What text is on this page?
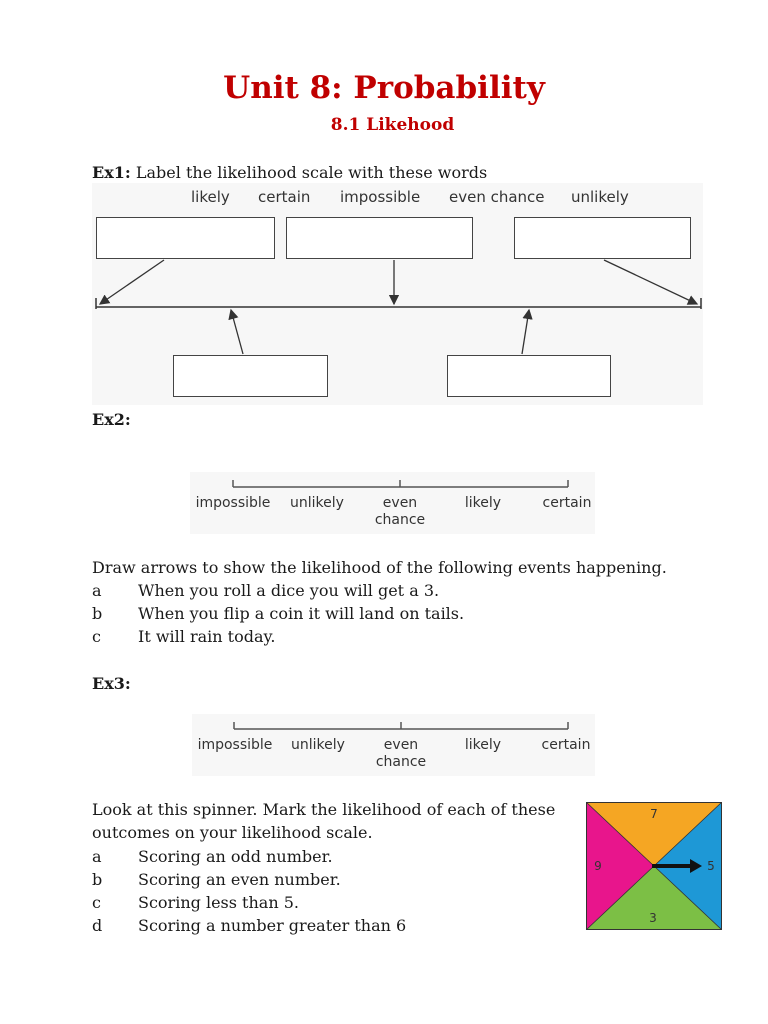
Unit 8: Probability
8.1 Likehood
Ex1: Label the likelihood scale with these words
likely certain impossible even chance unlikely
Ex2:
impossible	unlikely	even
chance
likely	certain
Draw arrows to show the likelihood of the following events happening.
a When you roll a dice you will get a 3.
b When you flip a coin it will land on tails.
c It will rain today.
Ex3:
impossible	unlikely	even
chance
likely	certain
Look at this spinner. Mark the likelihood of each of these
outcomes on your likelihood scale.
a Scoring an odd number.
b Scoring an even number.
c Scoring less than 5.
d Scoring a number greater than 6
7
5
3
9
